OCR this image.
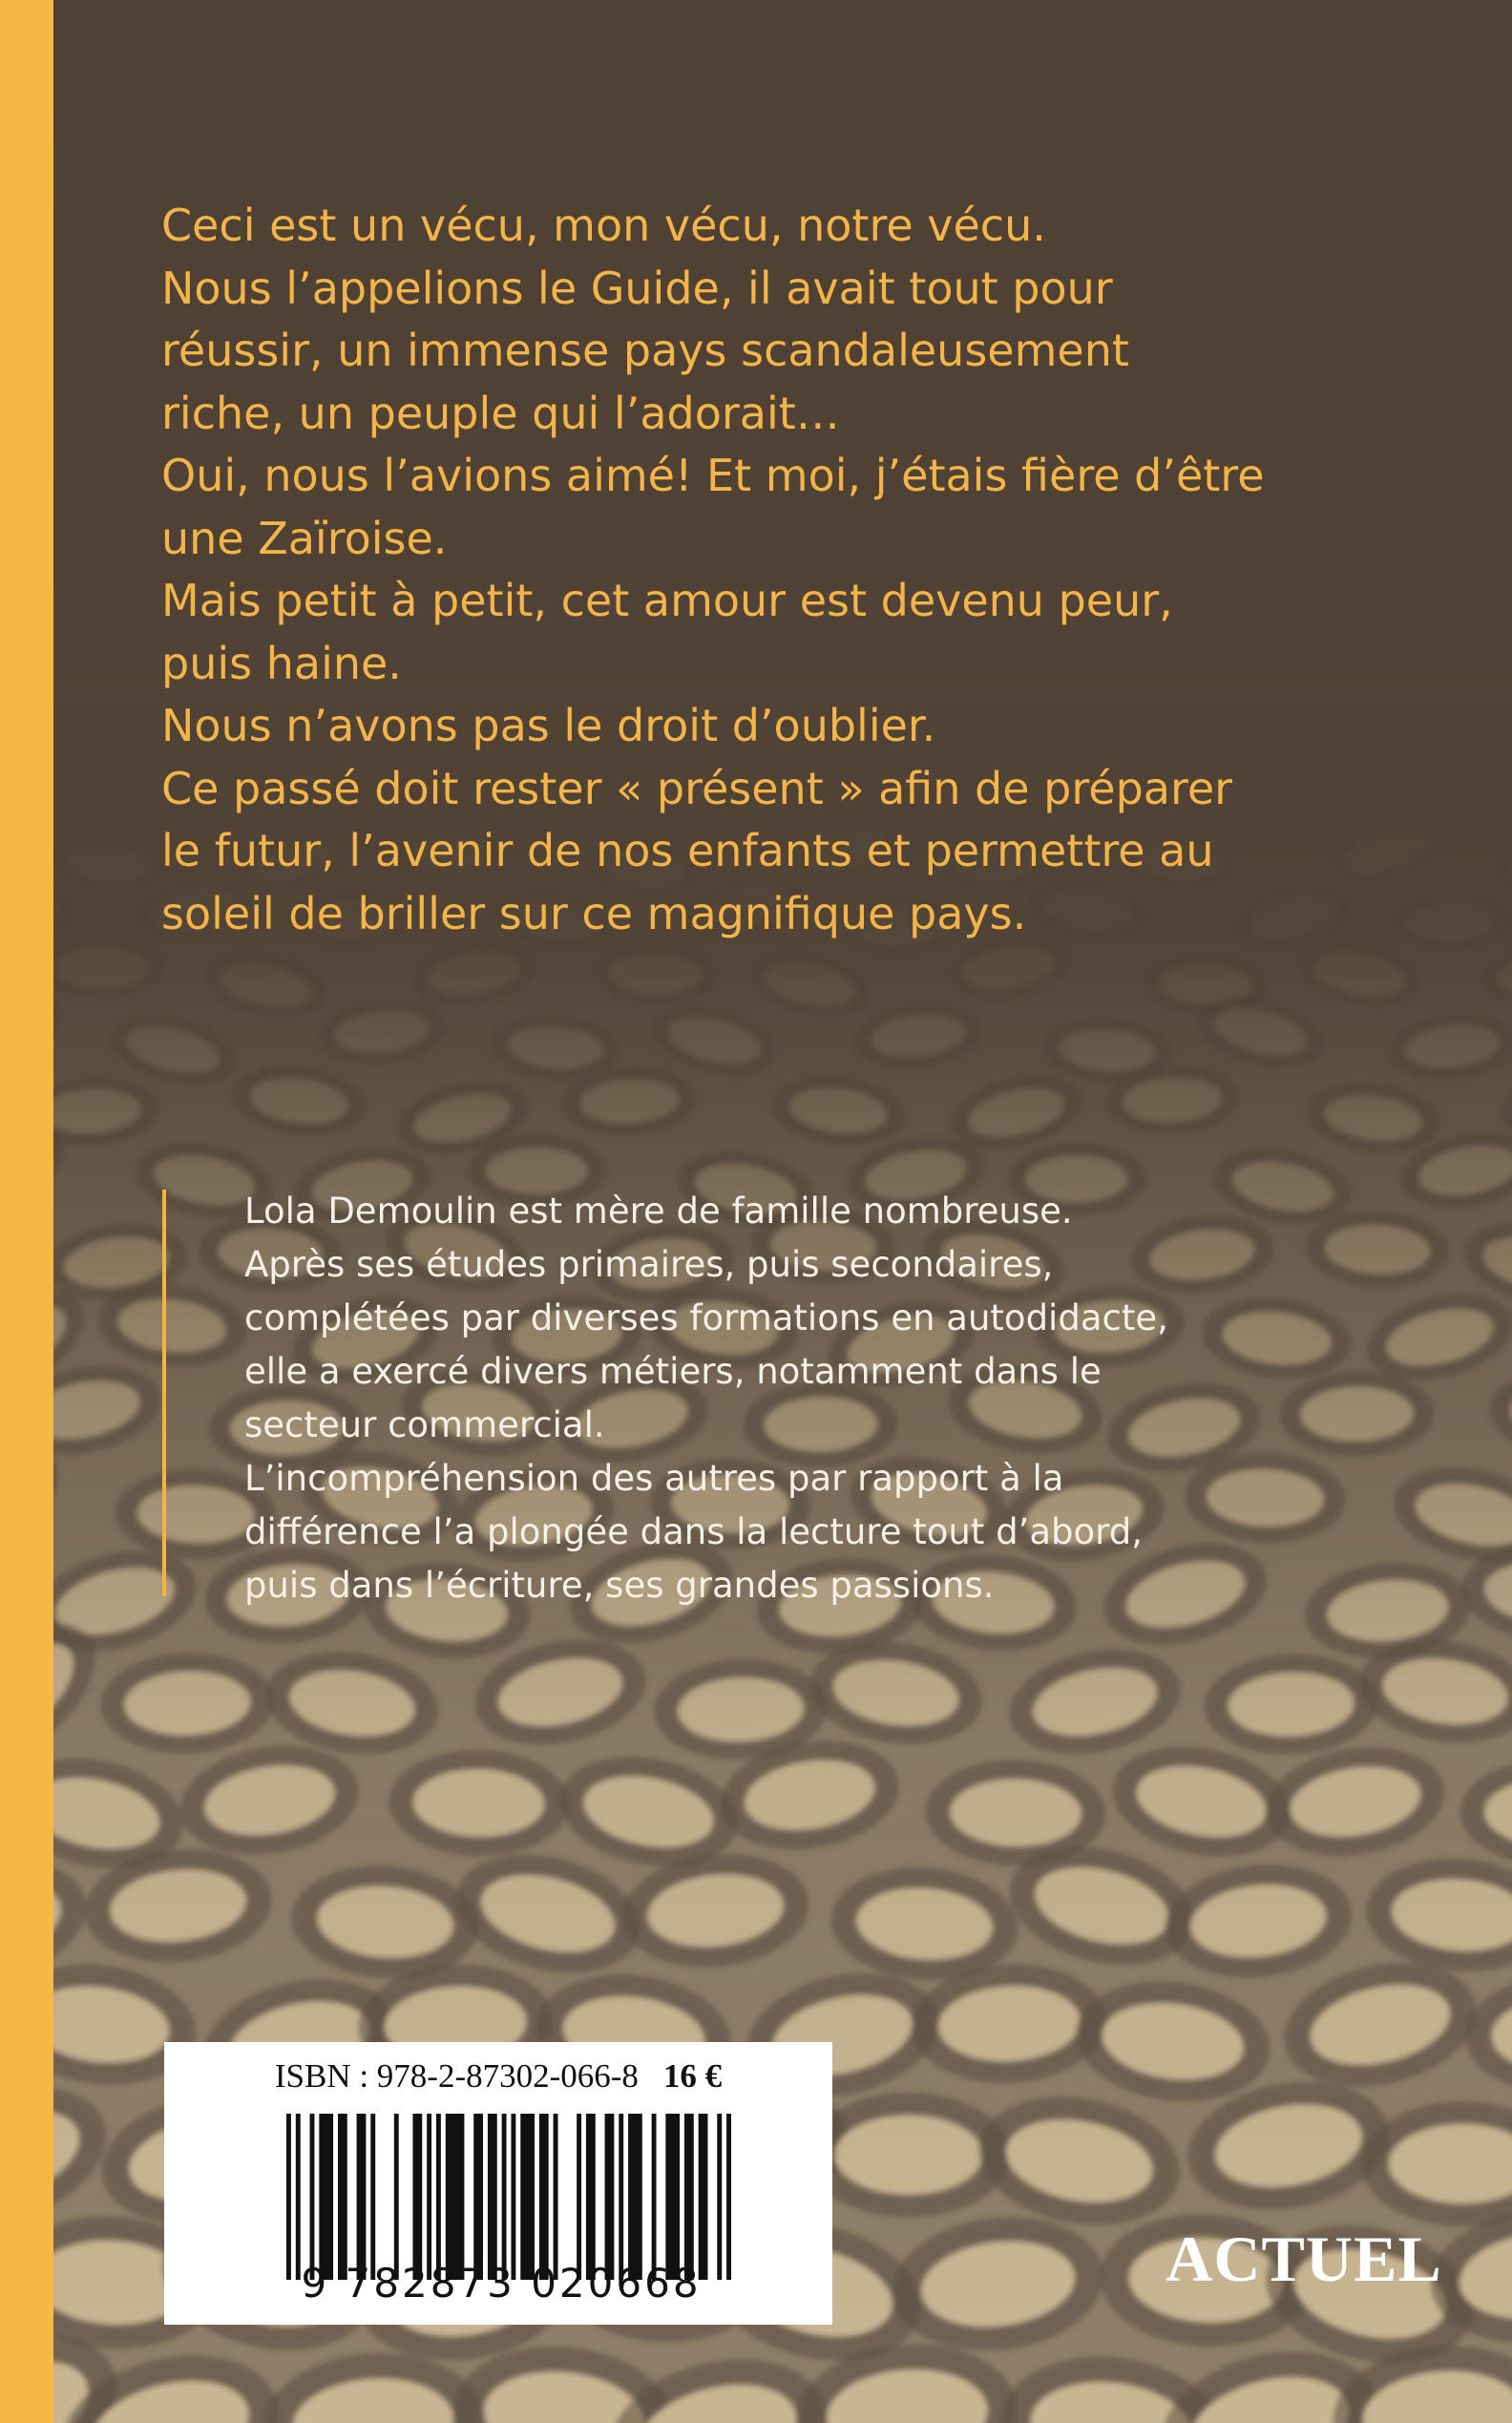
Ceci est un vécu, mon vécu, notre vécu.
Nous l’appelions le Guide, il avait tout pour
réussir, un immense pays scandaleusement
riche, un peuple qui l’adorait…
Oui, nous l’avions aimé! Et moi, j’étais fière d’être
une Zaïroise.
Mais petit à petit, cet amour est devenu peur,
puis haine.
Nous n’avons pas le droit d’oublier.
Ce passé doit rester « présent » afin de préparer
le futur, l’avenir de nos enfants et permettre au
soleil de briller sur ce magnifique pays.
Lola Demoulin est mère de famille nombreuse.
Après ses études primaires, puis secondaires,
complétées par diverses formations en autodidacte,
elle a exercé divers métiers, notamment dans le
secteur commercial.
L’incompréhension des autres par rapport à la
différence l’a plongée dans la lecture tout d’abord,
puis dans l’écriture, ses grandes passions.
ISBN : 978-2-87302-066-8 16 €
9 782873 020668	ACTUEL
